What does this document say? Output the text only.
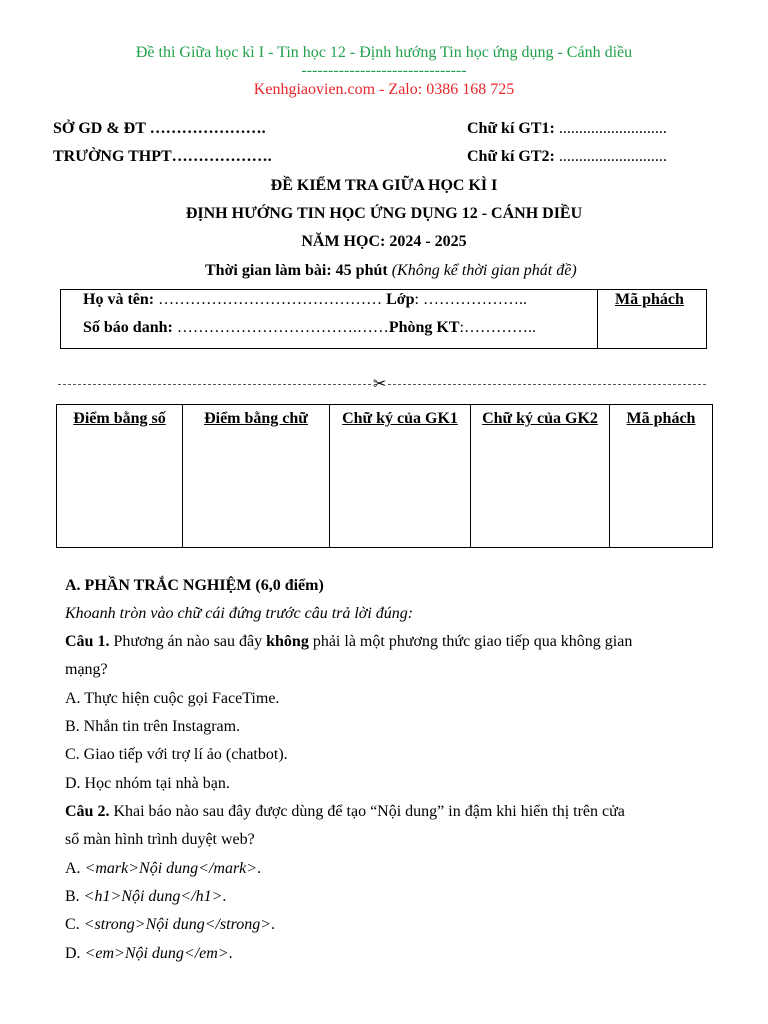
Đề thi Giữa học kì I - Tin học 12 - Định hướng Tin học ứng dụng - Cánh diều
-------------------------------
Kenhgiaovien.com - Zalo: 0386 168 725
SỞ GD & ĐT ………………….
TRƯỜNG THPT……………….
Chữ kí GT1: ...........................
Chữ kí GT2: ...........................
ĐỀ KIỂM TRA GIỮA HỌC KÌ I
ĐỊNH HƯỚNG TIN HỌC ỨNG DỤNG 12 - CÁNH DIỀU
NĂM HỌC: 2024 - 2025
Thời gian làm bài: 45 phút (Không kể thời gian phát đề)
Họ và tên: …………………………………… Lớp: ………………..
Số báo danh: …………………………….……Phòng KT:…………..
Mã phách
✂
Điểm bằng số	Điểm bằng chữ	Chữ ký của GK1	Chữ ký của GK2	Mã phách
A. PHẦN TRẮC NGHIỆM (6,0 điểm)
Khoanh tròn vào chữ cái đứng trước câu trả lời đúng:
Câu 1. Phương án nào sau đây không phải là một phương thức giao tiếp qua không gian
mạng?
A. Thực hiện cuộc gọi FaceTime.
B. Nhắn tin trên Instagram.
C. Giao tiếp với trợ lí ảo (chatbot).
D. Học nhóm tại nhà bạn.
Câu 2. Khai báo nào sau đây được dùng để tạo “Nội dung” in đậm khi hiển thị trên cửa
sổ màn hình trình duyệt web?
A. <mark>Nội dung</mark>.
B. <h1>Nội dung</h1>.
C. <strong>Nội dung</strong>.
D. <em>Nội dung</em>.
